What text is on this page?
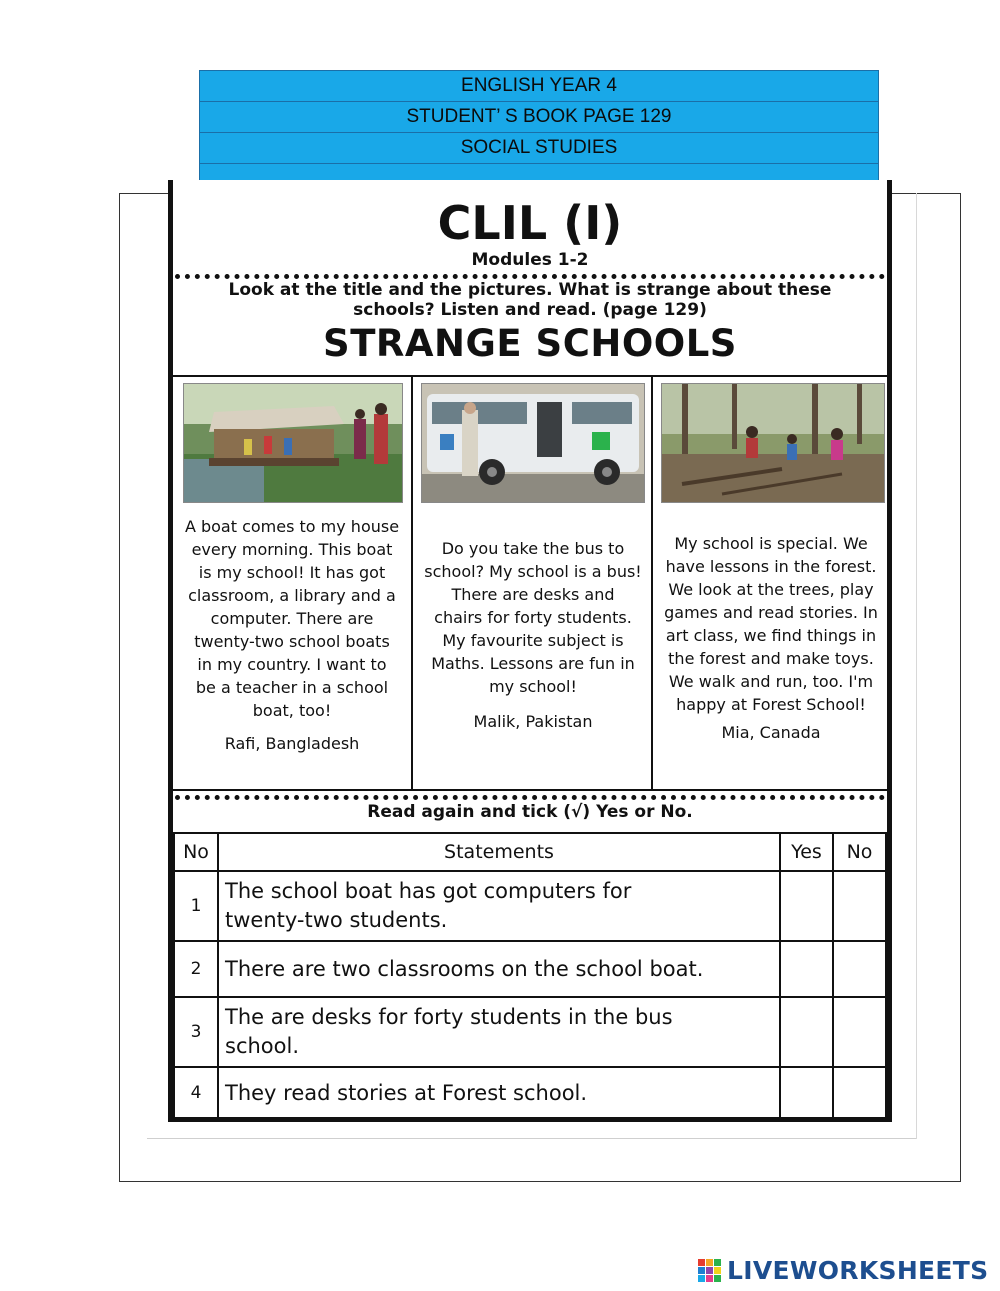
ENGLISH YEAR 4
STUDENT’ S BOOK PAGE 129
SOCIAL STUDIES
CLIL (I)
Modules 1-2
Look at the title and the pictures. What is strange about these
schools? Listen and read. (page 129)
STRANGE SCHOOLS
A boat comes to my house
every morning. This boat
is my school! It has got
classroom, a library and a
computer. There are
twenty-two school boats
in my country. I want to
be a teacher in a school
boat, too!
Rafi, Bangladesh
Do you take the bus to
school? My school is a bus!
There are desks and
chairs for forty students.
My favourite subject is
Maths. Lessons are fun in
my school!
Malik, Pakistan
My school is special. We
have lessons in the forest.
We look at the trees, play
games and read stories. In
art class, we find things in
the forest and make toys.
We walk and run, too. I'm
happy at Forest School!
Mia, Canada
Read again and tick (√) Yes or No.
No	Statements	Yes	No
1	The school boat has got computers for
twenty-two students.		

2	There are two classrooms on the school boat.		

3	The are desks for forty students in the bus
school.		

4	They read stories at Forest school.		

LIVEWORKSHEETS
